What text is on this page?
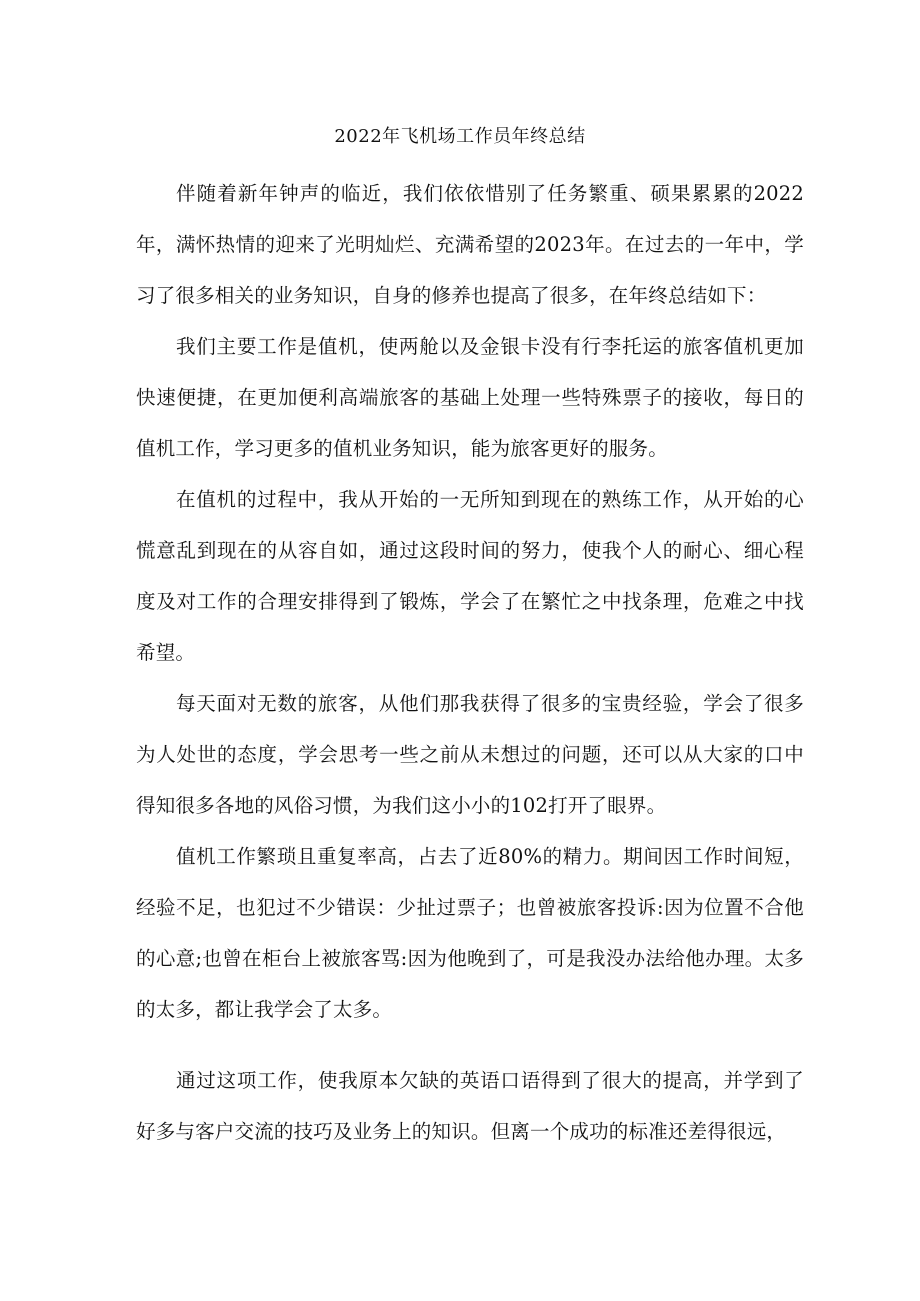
2022年飞机场工作员年终总结

伴随着新年钟声的临近，我们依依惜别了任务繁重、硕果累累的2022年，满怀热情的迎来了光明灿烂、充满希望的2023年。在过去的一年中，学习了很多相关的业务知识，自身的修养也提高了很多，在年终总结如下：

我们主要工作是值机，使两舱以及金银卡没有行李托运的旅客值机更加快速便捷，在更加便利高端旅客的基础上处理一些特殊票子的接收，每日的值机工作，学习更多的值机业务知识，能为旅客更好的服务。

在值机的过程中，我从开始的一无所知到现在的熟练工作，从开始的心慌意乱到现在的从容自如，通过这段时间的努力，使我个人的耐心、细心程度及对工作的合理安排得到了锻炼，学会了在繁忙之中找条理，危难之中找希望。

每天面对无数的旅客，从他们那我获得了很多的宝贵经验，学会了很多为人处世的态度，学会思考一些之前从未想过的问题，还可以从大家的口中得知很多各地的风俗习惯，为我们这小小的102打开了眼界。

值机工作繁琐且重复率高，占去了近80%的精力。期间因工作时间短，经验不足，也犯过不少错误：少扯过票子；也曾被旅客投诉:因为位置不合他的心意;也曾在柜台上被旅客骂:因为他晚到了，可是我没办法给他办理。太多的太多，都让我学会了太多。

通过这项工作，使我原本欠缺的英语口语得到了很大的提高，并学到了好多与客户交流的技巧及业务上的知识。但离一个成功的标准还差得很远，
